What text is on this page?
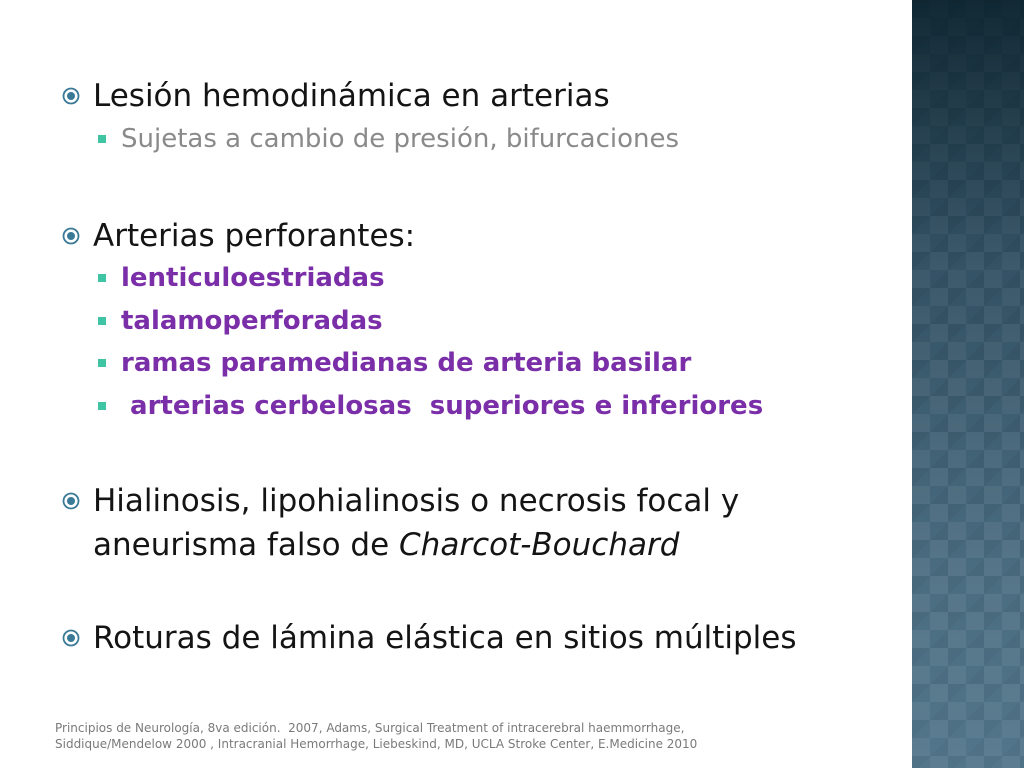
Lesión hemodinámica en arterias
Sujetas a cambio de presión, bifurcaciones
Arterias perforantes:
lenticuloestriadas
talamoperforadas
ramas paramedianas de arteria basilar
arterias cerbelosas  superiores e inferiores
Hialinosis, lipohialinosis o necrosis focal y
aneurisma falso de Charcot-Bouchard
Roturas de lámina elástica en sitios múltiples
Principios de Neurología, 8va edición.  2007, Adams, Surgical Treatment of intracerebral haemmorrhage,
Siddique/Mendelow 2000 , Intracranial Hemorrhage, Liebeskind, MD, UCLA Stroke Center, E.Medicine 2010
